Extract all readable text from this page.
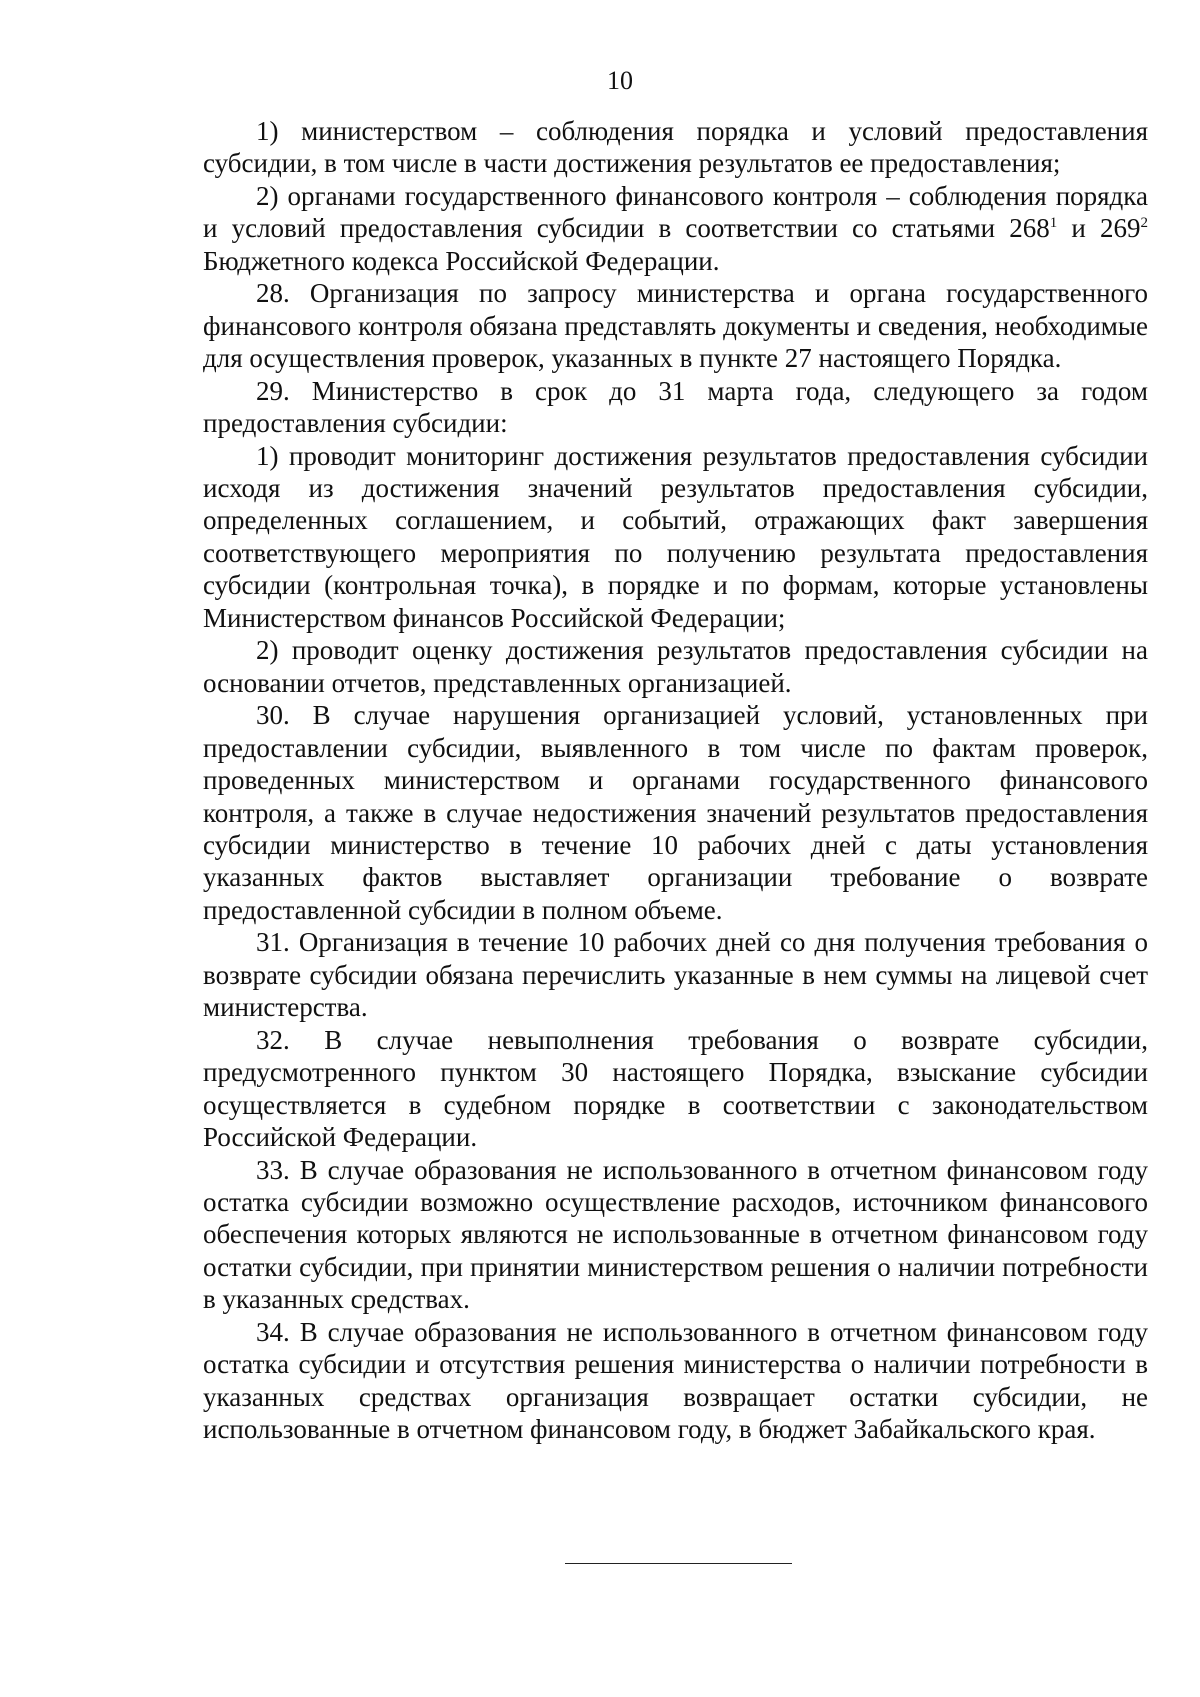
10

1) министерством – соблюдения порядка и условий предоставления субсидии, в том числе в части достижения результатов ее предоставления;

2) органами государственного финансового контроля – соблюдения порядка и условий предоставления субсидии в соответствии со статьями $268^1$ и $269^2$ Бюджетного кодекса Российской Федерации.

28. Организация по запросу министерства и органа государственного финансового контроля обязана представлять документы и сведения, необходимые для осуществления проверок, указанных в пункте 27 настоящего Порядка.

29. Министерство в срок до 31 марта года, следующего за годом предоставления субсидии:

1) проводит мониторинг достижения результатов предоставления субсидии исходя из достижения значений результатов предоставления субсидии, определенных соглашением, и событий, отражающих факт завершения соответствующего мероприятия по получению результата предоставления субсидии (контрольная точка), в порядке и по формам, которые установлены Министерством финансов Российской Федерации;

2) проводит оценку достижения результатов предоставления субсидии на основании отчетов, представленных организацией.

30. В случае нарушения организацией условий, установленных при предоставлении субсидии, выявленного в том числе по фактам проверок, проведенных министерством и органами государственного финансового контроля, а также в случае недостижения значений результатов предоставления субсидии министерство в течение 10 рабочих дней с даты установления указанных фактов выставляет организации требование о возврате предоставленной субсидии в полном объеме.

31. Организация в течение 10 рабочих дней со дня получения требования о возврате субсидии обязана перечислить указанные в нем суммы на лицевой счет министерства.

32. В случае невыполнения требования о возврате субсидии, предусмотренного пунктом 30 настоящего Порядка, взыскание субсидии осуществляется в судебном порядке в соответствии с законодательством Российской Федерации.

33. В случае образования не использованного в отчетном финансовом году остатка субсидии возможно осуществление расходов, источником финансового обеспечения которых являются не использованные в отчетном финансовом году остатки субсидии, при принятии министерством решения о наличии потребности в указанных средствах.

34. В случае образования не использованного в отчетном финансовом году остатка субсидии и отсутствия решения министерства о наличии потребности в указанных средствах организация возвращает остатки субсидии, не использованные в отчетном финансовом году, в бюджет Забайкальского края.
